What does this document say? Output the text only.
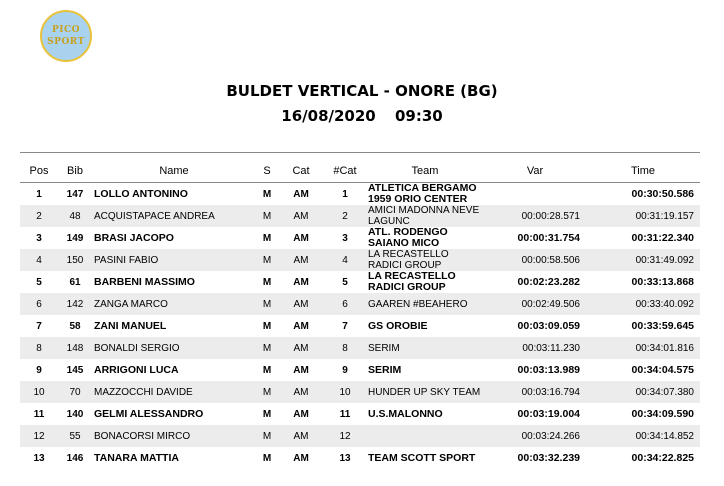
PICO
SPORT
BULDET VERTICAL - ONORE (BG)
16/08/2020 09:30
Pos	Bib	Name	S	Cat	#Cat	Team	Var	Time
1	147	LOLLO ANTONINO	M	AM	1	ATLETICA BERGAMO 1959 ORIO CENTER		00:30:50.586
2	48	ACQUISTAPACE ANDREA	M	AM	2	AMICI MADONNA NEVE LAGUNC	00:00:28.571	00:31:19.157
3	149	BRASI JACOPO	M	AM	3	ATL. RODENGO SAIANO MICO	00:00:31.754	00:31:22.340
4	150	PASINI FABIO	M	AM	4	LA RECASTELLO RADICI GROUP	00:00:58.506	00:31:49.092
5	61	BARBENI MASSIMO	M	AM	5	LA RECASTELLO RADICI GROUP	00:02:23.282	00:33:13.868
6	142	ZANGA MARCO	M	AM	6	GAAREN #BEAHERO	00:02:49.506	00:33:40.092
7	58	ZANI MANUEL	M	AM	7	GS OROBIE	00:03:09.059	00:33:59.645
8	148	BONALDI SERGIO	M	AM	8	SERIM	00:03:11.230	00:34:01.816
9	145	ARRIGONI LUCA	M	AM	9	SERIM	00:03:13.989	00:34:04.575
10	70	MAZZOCCHI DAVIDE	M	AM	10	HUNDER UP SKY TEAM	00:03:16.794	00:34:07.380
11	140	GELMI ALESSANDRO	M	AM	11	U.S.MALONNO	00:03:19.004	00:34:09.590
12	55	BONACORSI MIRCO	M	AM	12		00:03:24.266	00:34:14.852
13	146	TANARA MATTIA	M	AM	13	TEAM SCOTT SPORT	00:03:32.239	00:34:22.825
